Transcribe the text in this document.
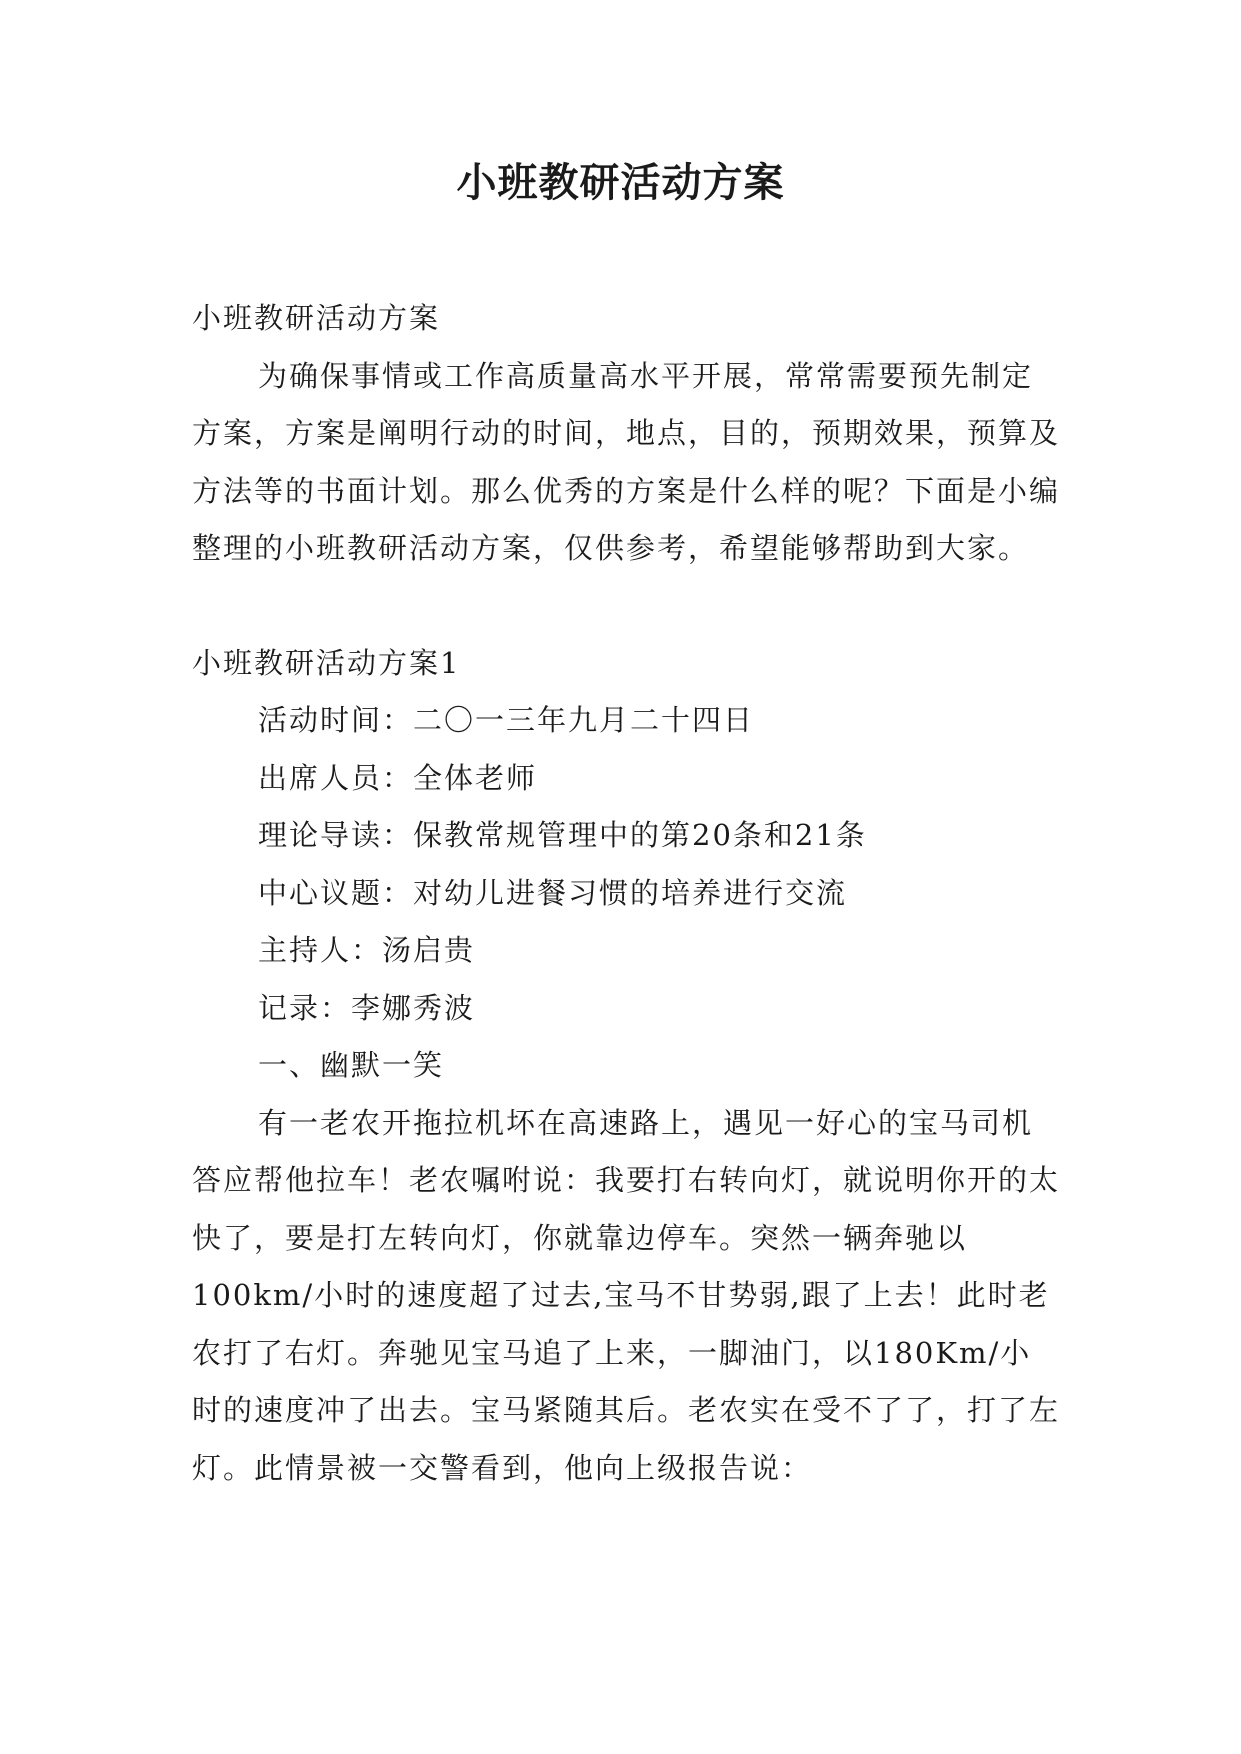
小班教研活动方案

小班教研活动方案

为确保事情或工作高质量高水平开展，常常需要预先制定方案，方案是阐明行动的时间，地点，目的，预期效果，预算及方法等的书面计划。那么优秀的方案是什么样的呢？下面是小编整理的小班教研活动方案，仅供参考，希望能够帮助到大家。

小班教研活动方案1

活动时间：二〇一三年九月二十四日

出席人员：全体老师

理论导读：保教常规管理中的第20条和21条

中心议题：对幼儿进餐习惯的培养进行交流

主持人：汤启贵

记录：李娜秀波

一、幽默一笑

有一老农开拖拉机坏在高速路上，遇见一好心的宝马司机答应帮他拉车！老农嘱咐说：我要打右转向灯，就说明你开的太快了，要是打左转向灯，你就靠边停车。突然一辆奔驰以100km/小时的速度超了过去,宝马不甘势弱,跟了上去！此时老农打了右灯。奔驰见宝马追了上来，一脚油门，以180Km/小时的速度冲了出去。宝马紧随其后。老农实在受不了了，打了左灯。此情景被一交警看到，他向上级报告说：
